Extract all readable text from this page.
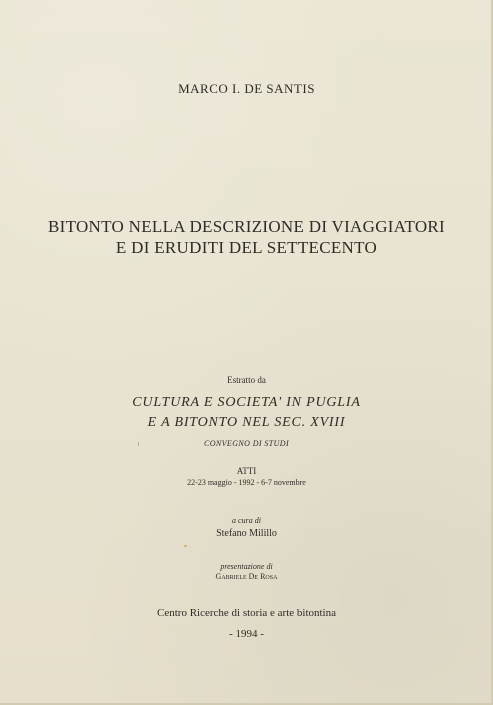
MARCO I. DE SANTIS
BITONTO NELLA DESCRIZIONE DI VIAGGIATORI
E DI ERUDITI DEL SETTECENTO
Estratto da
CULTURA E SOCIETA' IN PUGLIA
E A BITONTO NEL SEC. XVIII
CONVEGNO DI STUDI
ATTI
22-23 maggio - 1992 - 6-7 novembre
a cura di
Stefano Milillo
presentazione di
Gabriele De Rosa
Centro Ricerche di storia e arte bitontina
- 1994 -
